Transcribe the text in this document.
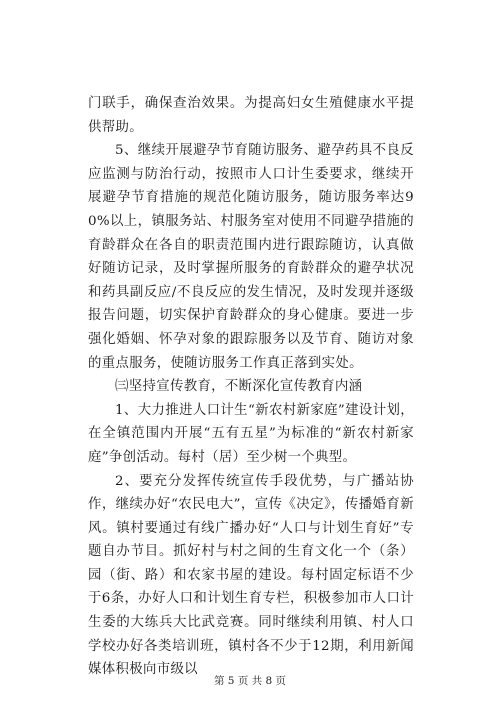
门联手，确保查治效果。为提高妇女生殖健康水平提供帮助。

5、继续开展避孕节育随访服务、避孕药具不良反应监测与防治行动，按照市人口计生委要求，继续开展避孕节育措施的规范化随访服务，随访服务率达90%以上，镇服务站、村服务室对使用不同避孕措施的育龄群众在各自的职责范围内进行跟踪随访，认真做好随访记录，及时掌握所服务的育龄群众的避孕状况和药具副反应/不良反应的发生情况，及时发现并逐级报告问题，切实保护育龄群众的身心健康。要进一步强化婚姻、怀孕对象的跟踪服务以及节育、随访对象的重点服务，使随访服务工作真正落到实处。

㈢坚持宣传教育，不断深化宣传教育内涵

1、大力推进人口计生“新农村新家庭”建设计划，在全镇范围内开展“五有五星”为标准的“新农村新家庭”争创活动。每村（居）至少树一个典型。

2、要充分发挥传统宣传手段优势，与广播站协作，继续办好“农民电大”，宣传《决定》，传播婚育新风。镇村要通过有线广播办好“人口与计划生育好”专题自办节目。抓好村与村之间的生育文化一个（条）园（街、路）和农家书屋的建设。每村固定标语不少于6条，办好人口和计划生育专栏，积极参加市人口计生委的大练兵大比武竞赛。同时继续利用镇、村人口学校办好各类培训班，镇村各不少于12期，利用新闻媒体积极向市级以

第 5 页 共 8 页
